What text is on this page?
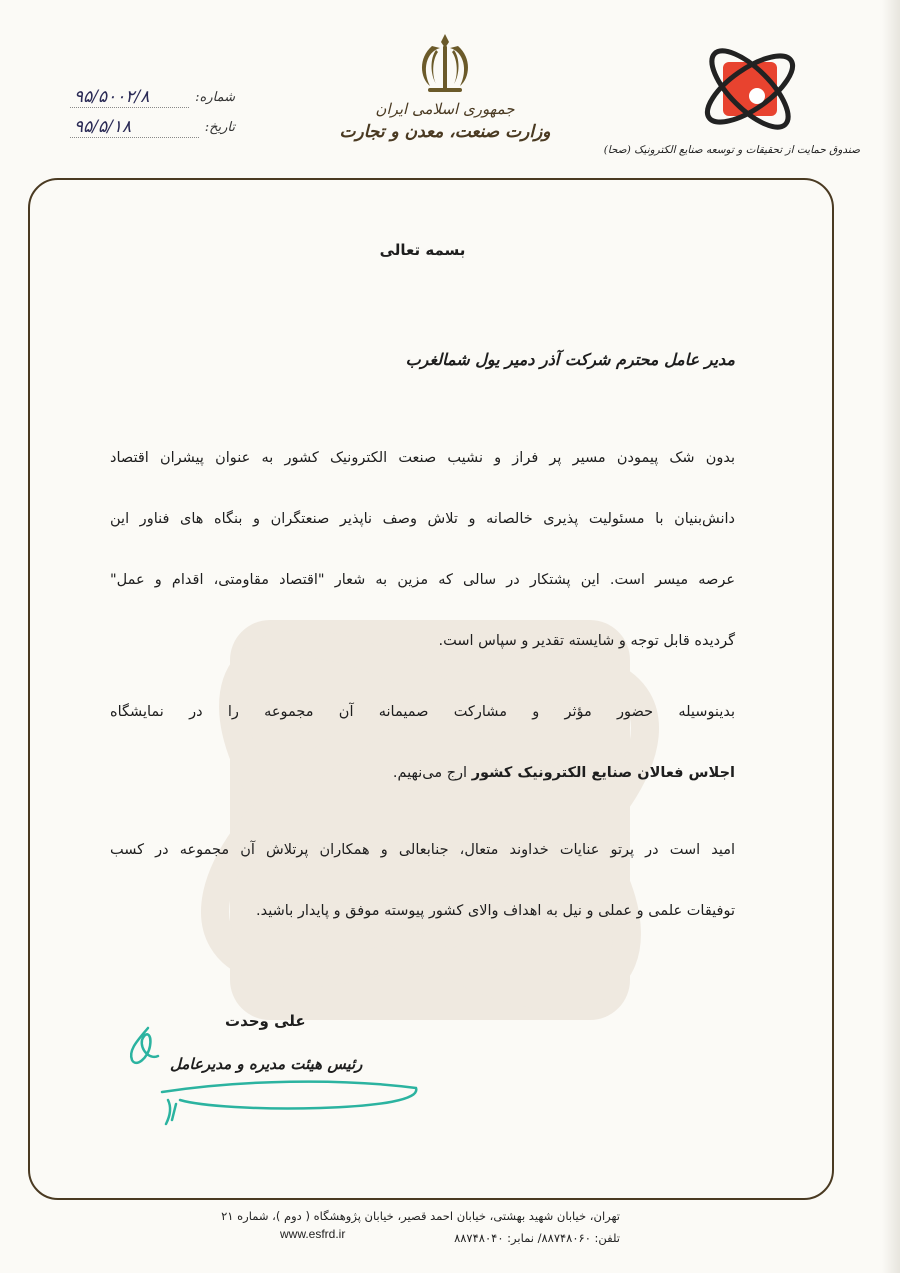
شماره:
۹۵/۵۰۰۲/۸
تاریخ:
۹۵/۵/۱۸
جمهوری اسلامی ایران
وزارت صنعت، معدن و تجارت
صندوق حمایت از تحقیقات و توسعه صنایع الکترونیک (صحا)

بسمه تعالی

مدیر عامل محترم شرکت آذر دمیر یول شمالغرب

بدون شک پیمودن مسیر پر فراز و نشیب صنعت الکترونیک کشور به عنوان پیشران اقتصاد
دانش‌بنیان با مسئولیت پذیری خالصانه و تلاش وصف ناپذیر صنعتگران و بنگاه های فناور این
عرصه میسر است. این پشتکار در سالی که مزین به شعار "اقتصاد مقاومتی، اقدام و عمل"
گردیده قابل توجه و شایسته تقدیر و سپاس است.
بدینوسیله حضور مؤثر و مشارکت صمیمانه آن مجموعه را در نمایشگاه
اجلاس فعالان صنایع الکترونیک کشور ارج می‌نهیم.
امید است در پرتو عنایات خداوند متعال، جنابعالی و همکاران پرتلاش آن مجموعه در کسب
توفیقات علمی و عملی و نیل به اهداف والای کشور پیوسته موفق و پایدار باشید.
علی وحدت
رئیس هیئت مدیره و مدیرعامل
تهران، خیابان شهید بهشتی، خیابان احمد قصیر، خیابان پژوهشگاه ( دوم )، شماره ۲۱
تلفن: ۸۸۷۴۸۰۶۰/ نمابر: ۸۸۷۴۸۰۴۰
www.esfrd.ir
